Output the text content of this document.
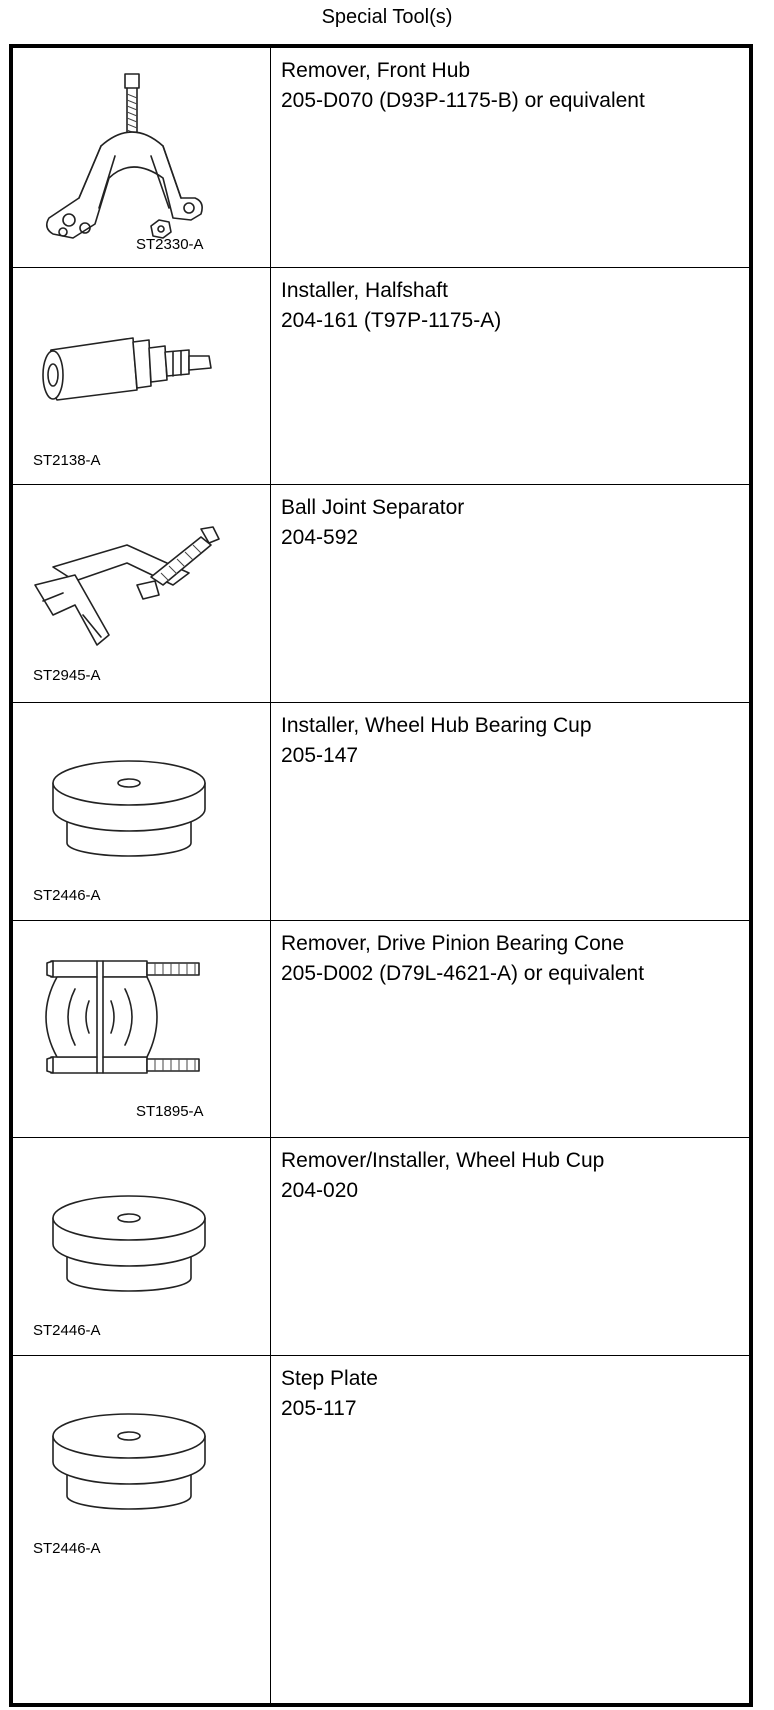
Special Tool(s)
ST2330-A
Remover, Front Hub
205-D070 (D93P-1175-B) or equivalent
ST2138-A
Installer, Halfshaft
204-161 (T97P-1175-A)
ST2945-A
Ball Joint Separator
204-592
ST2446-A
Installer, Wheel Hub Bearing Cup
205-147
ST1895-A
Remover, Drive Pinion Bearing Cone
205-D002 (D79L-4621-A) or equivalent
ST2446-A
Remover/Installer, Wheel Hub Cup
204-020
ST2446-A
Step Plate
205-117
